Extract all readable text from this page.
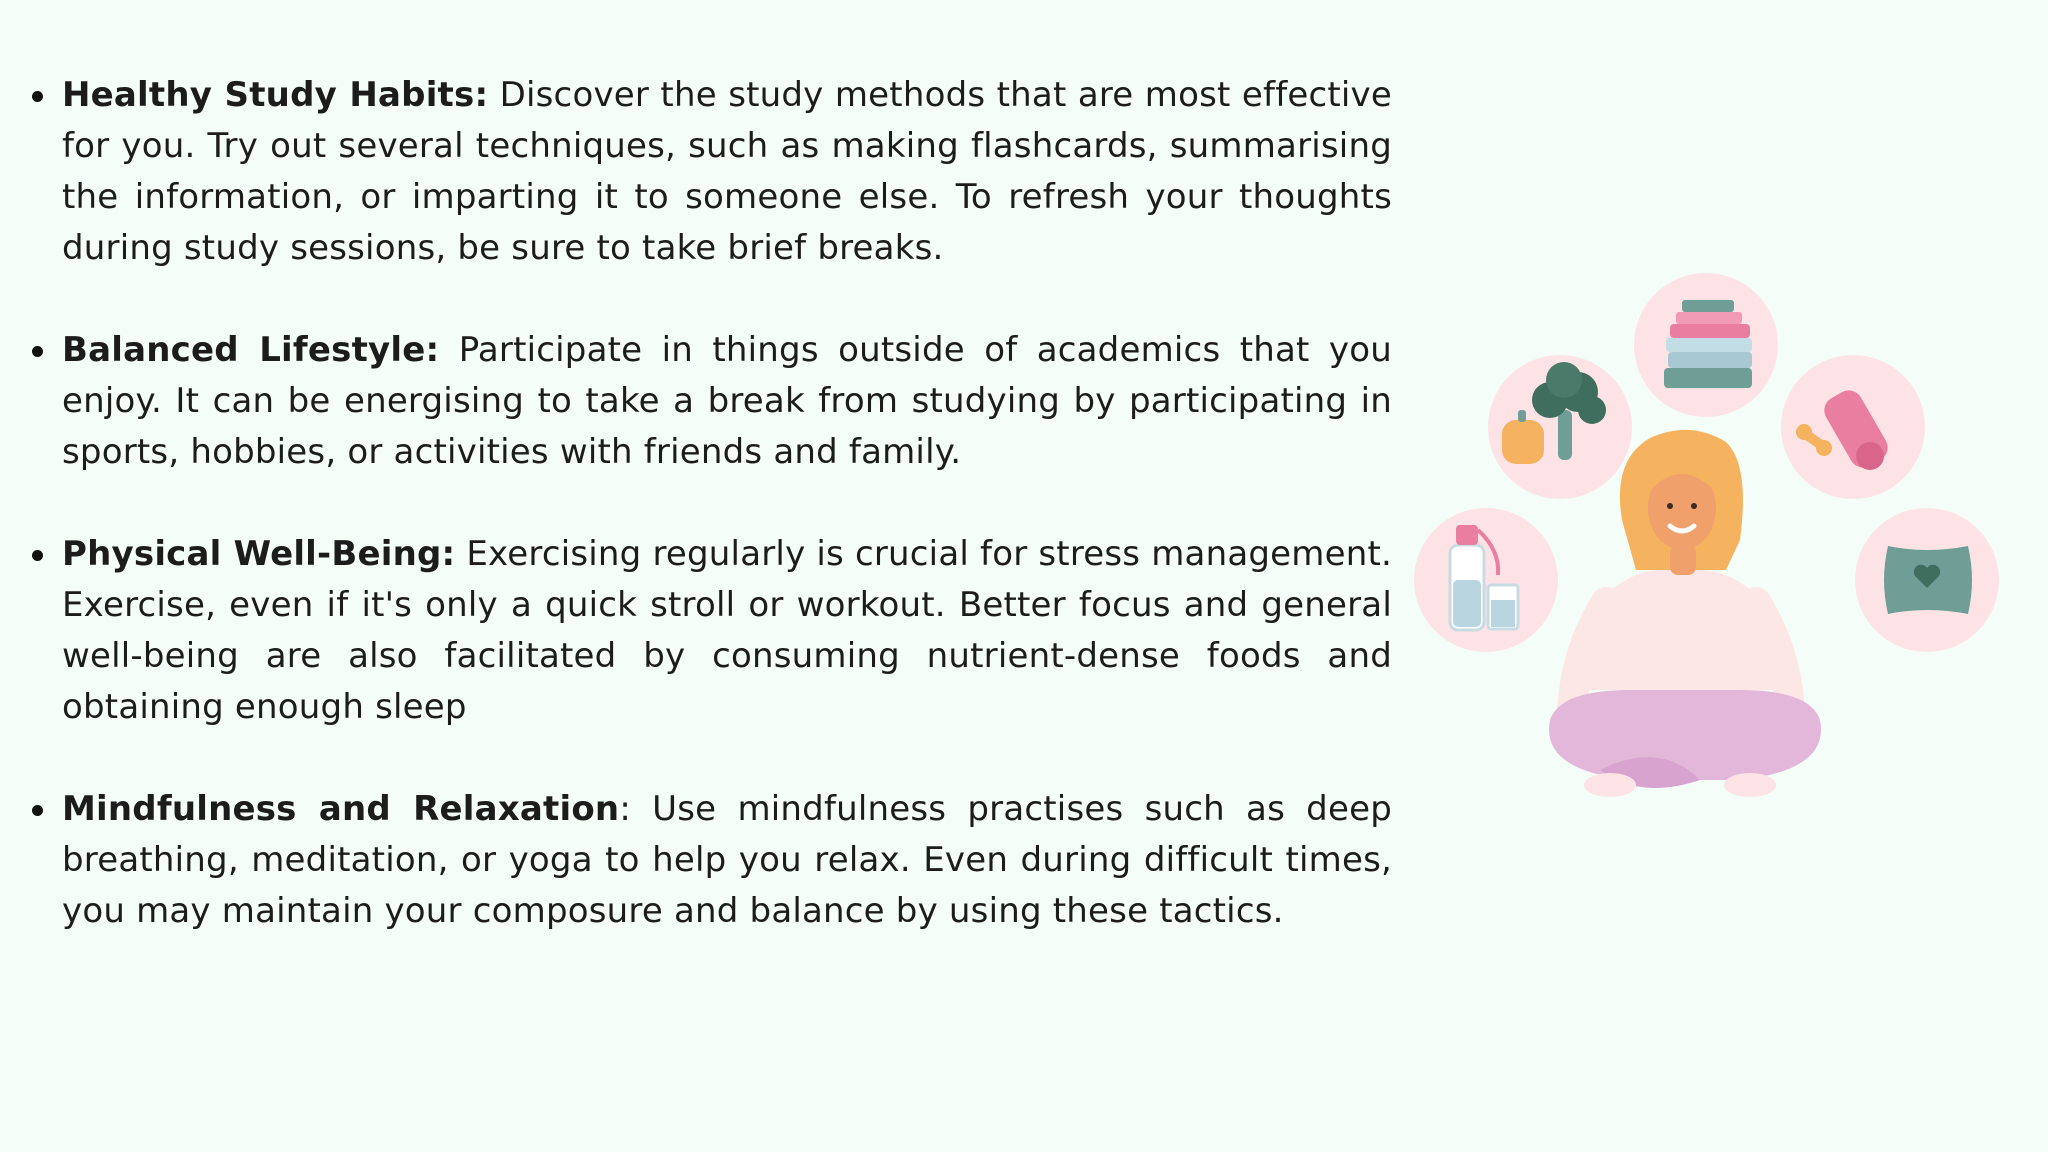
Healthy Study Habits: Discover the study methods that are most effective for you. Try out several techniques, such as making flashcards, summarising the information, or imparting it to someone else. To refresh your thoughts during study sessions, be sure to take brief breaks.
Balanced Lifestyle: Participate in things outside of academics that you enjoy. It can be energising to take a break from studying by participating in sports, hobbies, or activities with friends and family.
Physical Well-Being: Exercising regularly is crucial for stress management. Exercise, even if it's only a quick stroll or workout. Better focus and general well-being are also facilitated by consuming nutrient-dense foods and obtaining enough sleep
Mindfulness and Relaxation: Use mindfulness practises such as deep breathing, meditation, or yoga to help you relax. Even during difficult times, you may maintain your composure and balance by using these tactics.
